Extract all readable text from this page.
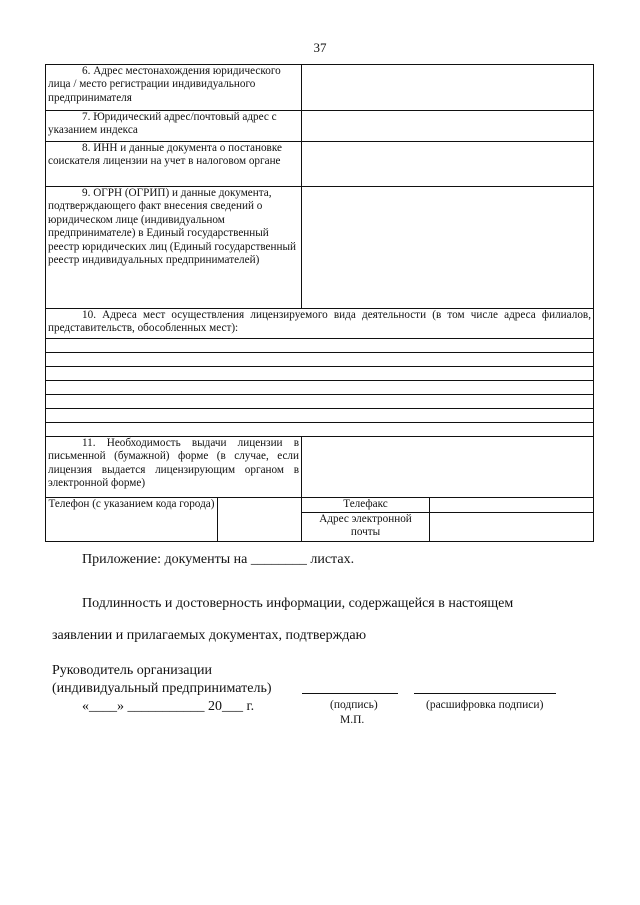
37
6. Адрес местонахождения юридического лица / место регистрации индивидуального предпринимателя			

7. Юридический адрес/почтовый адрес с указанием индекса			

8. ИНН и данные документа о постановке соискателя лицензии на учет в налоговом органе			

9. ОГРН (ОГРИП) и данные документа, подтверждающего факт внесения сведений о юридическом лице (индивидуальном предпринимателе) в Единый государственный реестр юридических лиц (Единый государственный реестр индивидуальных предпринимателей)			

10. Адреса мест осуществления лицензируемого вида деятельности (в том числе адреса филиалов, представительств, обособленных мест):			

11. Необходимость выдачи лицензии в письменной (бумажной) форме (в случае, если лицензия выдается лицензирующим органом в электронной форме)			

Телефон (с указанием кода города)		Телефакс	
		Адрес электронной почты	
Приложение: документы на ________ листах.
Подлинность и достоверность информации, содержащейся в настоящем
заявлении и прилагаемых документах, подтверждаю
Руководитель организации
(индивидуальный предприниматель)
«____» ___________ 20___ г.	(подпись)	(расшифровка подписи)
М.П.
